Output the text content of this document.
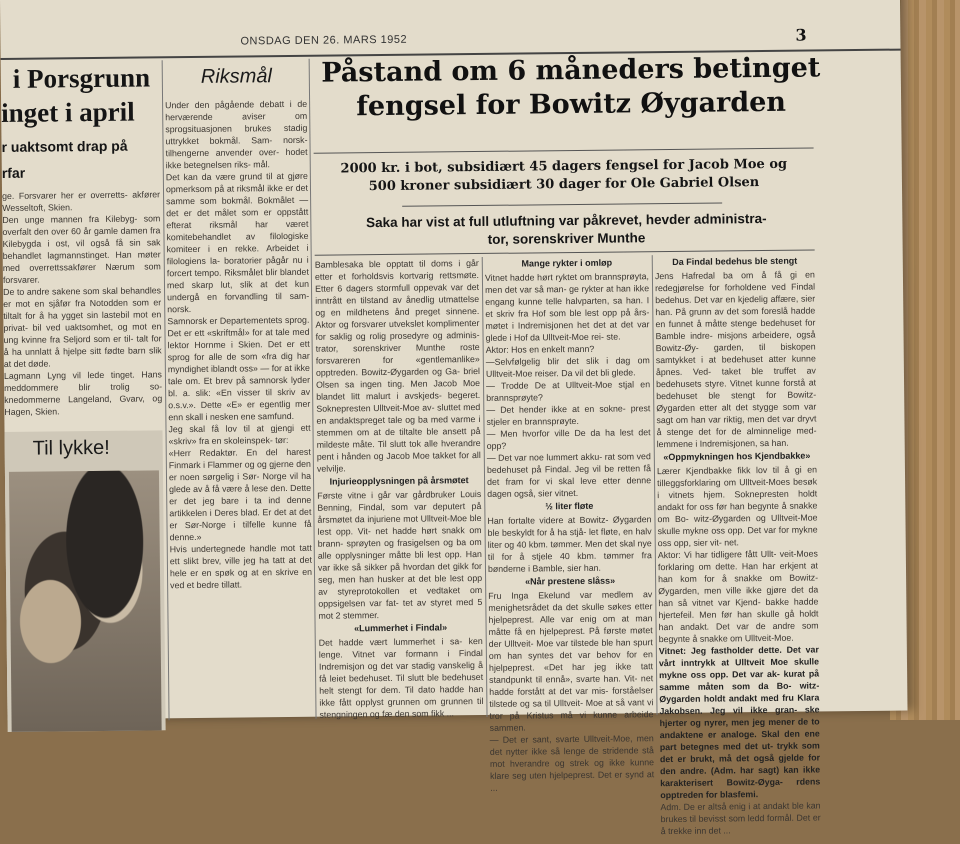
ONSDAG DEN 26. MARS 1952	3
i Porsgrunn
inget i april
r uaktsomt drap på
rfar

ge. Forsvarer her er overretts- akfører Wesseltoft, Skien.

Den unge mannen fra Kilebyg- som overfalt den over 60 år gamle damen fra Kilebygda i ost, vil også få sin sak behandlet lagmannstinget. Han møter med overrettssakfører Nærum som forsvarer.

De to andre sakene som skal behandles er mot en sjåfør fra Notodden som er tiltalt for å ha ygget sin lastebil mot en privat- bil ved uaktsomhet, og mot en ung kvinne fra Seljord som er til- talt for å ha unnlatt å hjelpe sitt fødte barn slik at det døde.

Lagmann Lyng vil lede tinget. Hans meddommere blir trolig so- knedommerne Langeland, Gvarv, og Hagen, Skien.

Til lykke!
Riksmål

Under den pågående debatt i de herværende aviser om sprogsituasjonen brukes stadig uttrykket bokmål. Sam- norsk-tilhengerne anvender over- hodet ikke betegnelsen riks- mål.

Det kan da være grund til at gjøre opmerksom på at riksmål ikke er det samme som bokmål. Bokmålet — det er det målet som er oppstått efterat riksmål har været komitebehandlet av filologiske komiteer i en rekke. Arbeidet i filologiens la- boratorier pågår nu i forcert tempo. Riksmålet blir blandet med skarp lut, slik at det kun undergå en forvandling til sam- norsk.

Samnorsk er Departementets sprog. Det er ett «skriftmål» for at tale med lektor Hornme i Skien. Det er ett sprog for alle de som «fra dig har myndighet iblandt oss» — for at ikke tale om. Et brev på samnorsk lyder bl. a. slik: «En visser til skriv av o.s.v.». Dette «E» er egentlig mer enn skall i nesken ene samfund.

Jeg skal få lov til at gjengi ett «skriv» fra en skoleinspek- tør:

«Herr Redaktør. En del harest Finmark i Flammer og og gjerne den er noen sørgelig i Sør- Norge vil ha glede av å få være å lese den. Dette er det jeg bare i ta ind denne artikkelen i Deres blad. Er det at det er Sør-Norge i tilfelle kunne få denne.»

Hvis undertegnede handle mot tatt ett slikt brev, ville jeg ha tatt at det hele er en spøk og at en skrive en ved et bedre tillatt.

Påstand om 6 måneders betinget
fengsel for Bowitz Øygarden
2000 kr. i bot, subsidiært 45 dagers fengsel for Jacob Moe og
500 kroner subsidiært 30 dager for Ole Gabriel Olsen
Saka har vist at full utluftning var påkrevet, hevder administra-
tor, sorenskriver Munthe

Bamblesaka ble opptatt til doms i går etter et forholdsvis kortvarig rettsmøte. Etter 6 dagers stormfull oppevak var det inntrått en tilstand av ånedlig utmattelse og en mildhetens ånd preget sinnene. Aktor og forsvarer utvekslet komplimenter for saklig og rolig prosedyre og adminis- trator, sorenskriver Munthe roste forsvareren for «gentlemanlike» opptreden. Bowitz-Øygarden og Ga- briel Olsen sa ingen ting. Men Jacob Moe blandet litt malurt i avskjeds- begeret. Soknepresten Ulltveit-Moe av- sluttet med en andaktspreget tale og ba med varme i stemmen om at de tiltalte ble ansett på mildeste måte. Til slutt tok alle hverandre pent i hånden og Jacob Moe takket for all velvilje.

Injurieopplysningen på årsmøtet

Første vitne i går var gårdbruker Louis Benning, Findal, som var deputert på årsmøtet da injuriene mot Ulltveit-Moe ble lest opp. Vit- net hadde hørt snakk om brann- sprøyten og frasigelsen og ba om alle opplysninger måtte bli lest opp. Han var ikke så sikker på hvordan det gikk for seg, men han husker at det ble lest opp av styreprotokollen et vedtaket om oppsigelsen var fat- tet av styret med 5 mot 2 stemmer.

«Lummerhet i Findal»

Det hadde vært lummerhet i sa- ken lenge. Vitnet var formann i Findal Indremisjon og det var stadig vanskelig å få leiet bedehuset. Til slutt ble bedehuset helt stengt for dem. Til dato hadde han ikke fått opplyst grunnen om grunnen til stengningen og fæ den som fikk ...

Mange rykter i omløp

Vitnet hadde hørt ryktet om brannsprøyta, men det var så man- ge rykter at han ikke engang kunne telle halvparten, sa han. I et skriv fra Hof som ble lest opp på års- møtet i Indremisjonen het det at det var glede i Hof da Ulltveit-Moe rei- ste.

Aktor: Hos en enkelt mann?

—Selvfølgelig blir det slik i dag om Ulltveit-Moe reiser. Da vil det bli glede.

— Trodde De at Ulltveit-Moe stjal en brannsprøyte?

— Det hender ikke at en sokne- prest stjeler en brannsprøyte.

— Men hvorfor ville De da ha lest det opp?

— Det var noe lummert akku- rat som ved bedehuset på Findal. Jeg vil be retten få det fram for vi skal leve etter denne dagen også, sier vitnet.

½ liter fløte

Han fortalte videre at Bowitz- Øygarden ble beskyldt for å ha stjå- let fløte, en halv liter og 40 kbm. tømmer. Men det skal nye til for å stjele 40 kbm. tømmer fra bønderne i Bamble, sier han.

«Når prestene slåss»

Fru Inga Ekelund var medlem av menighetsrådet da det skulle søkes etter hjelpeprest. Alle var enig om at man måtte få en hjelpeprest. På første møtet der Ulltveit- Moe var tilstede ble han spurt om han syntes det var behov for en hjelpeprest. «Det har jeg ikke tatt standpunkt til ennå», svarte han. Vit- net hadde forstått at det var mis- forståelser tilstede og sa til Ulltveit- Moe at så vant vi tror på Kristus må vi kunne arbeide sammen.

— Det er sant, svarte Ulltveit-Moe, men det nytter ikke så lenge de stridende stå mot hverandre og strek og ikke kunne klare seg uten hjelpeprest. Det er synd at ...

Da Findal bedehus ble stengt

Jens Hafredal ba om å få gi en redegjørelse for forholdene ved Findal bedehus. Det var en kjedelig affære, sier han. På grunn av det som foreslå hadde en funnet å måtte stenge bedehuset for Bamble indre- misjons arbeidere, også Bowitz-Øy- garden, til biskopen samtykket i at bedehuset atter kunne åpnes. Ved- taket ble truffet av bedehusets styre. Vitnet kunne forstå at bedehuset ble stengt for Bowitz-Øygarden etter alt det stygge som var sagt om han var riktig, men det var dryvt å stenge det for de alminnelige med- lemmene i Indremisjonen, sa han.

«Oppmykningen hos Kjendbakke»

Lærer Kjendbakke fikk lov til å gi en tilleggsforklaring om Ulltveit-Moes besøk i vitnets hjem. Soknepresten holdt andakt for oss før han begynte å snakke om Bo- witz-Øygarden og Ulltveit-Moe skulle mykne oss opp. Det var for mykne oss opp, sier vit- net.

Aktor: Vi har tidligere fått Ullt- veit-Moes forklaring om dette. Han har erkjent at han kom for å snakke om Bowitz-Øygarden, men ville ikke gjøre det da han så vitnet var Kjend- bakke hadde hjertefeil. Men før han skulle gå holdt han andakt. Det var de andre som begynte å snakke om Ulltveit-Moe.

Vitnet: Jeg fastholder dette. Det var vårt inntrykk at Ulltveit Moe skulle mykne oss opp. Det var ak- kurat på samme måten som da Bo- witz-Øygarden holdt andakt med fru Klara Jakobsen. Jeg vil ikke gran- ske hjerter og nyrer, men jeg mener de to andaktene er analoge. Skal den ene part betegnes med det ut- trykk som det er brukt, må det også gjelde for den andre. (Adm. har sagt) kan ikke karakterisert Bowitz-Øyga- rdens opptreden for blasfemi.

Adm. De er altså enig i at andakt ble kan brukes til bevisst som ledd formål. Det er å trekke inn det ...
